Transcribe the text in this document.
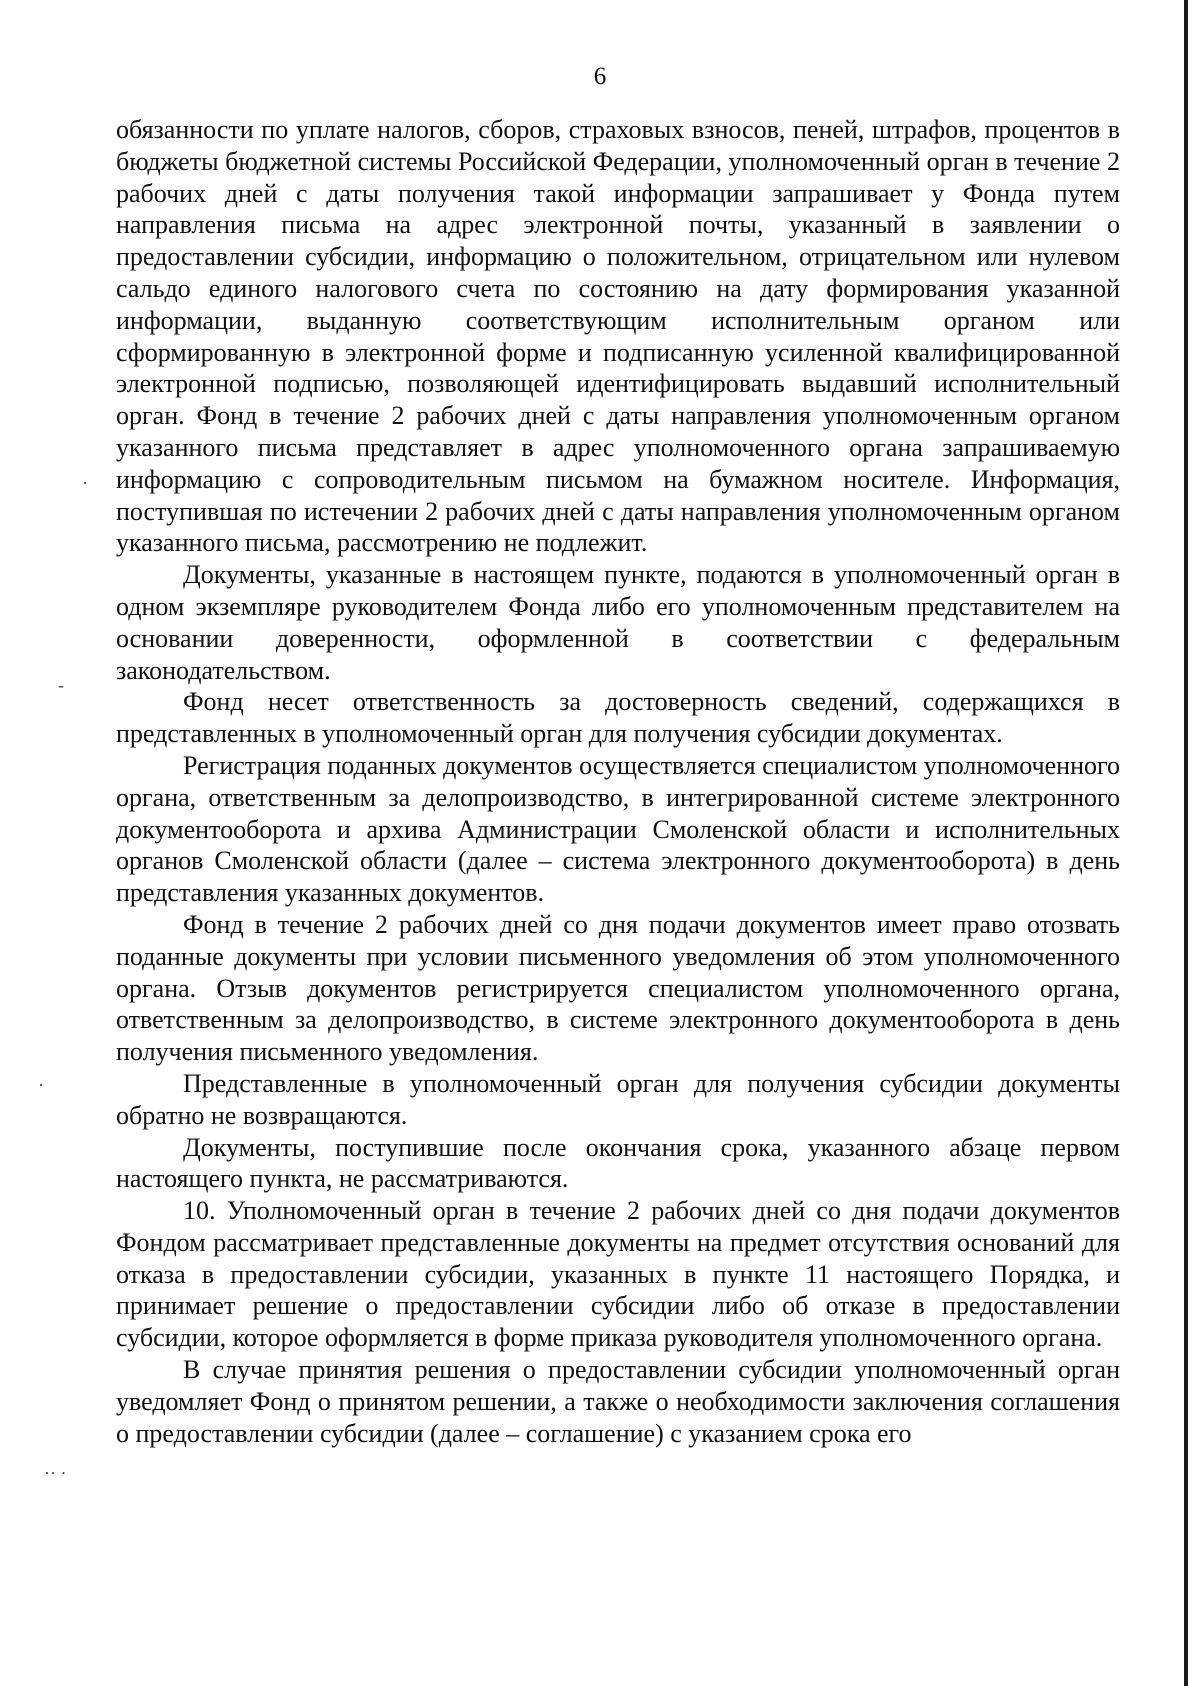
6

обязанности по уплате налогов, сборов, страховых взносов, пеней, штрафов, процентов в бюджеты бюджетной системы Российской Федерации, уполномоченный орган в течение 2 рабочих дней с даты получения такой информации запрашивает у Фонда путем направления письма на адрес электронной почты, указанный в заявлении о предоставлении субсидии, информацию о положительном, отрицательном или нулевом сальдо единого налогового счета по состоянию на дату формирования указанной информации, выданную соответствующим исполнительным органом или сформированную в электронной форме и подписанную усиленной квалифицированной электронной подписью, позволяющей идентифицировать выдавший исполнительный орган. Фонд в течение 2 рабочих дней с даты направления уполномоченным органом указанного письма представляет в адрес уполномоченного органа запрашиваемую информацию с сопроводительным письмом на бумажном носителе. Информация, поступившая по истечении 2 рабочих дней с даты направления уполномоченным органом указанного письма, рассмотрению не подлежит.

Документы, указанные в настоящем пункте, подаются в уполномоченный орган в одном экземпляре руководителем Фонда либо его уполномоченным представителем на основании доверенности, оформленной в соответствии с федеральным законодательством.

Фонд несет ответственность за достоверность сведений, содержащихся в представленных в уполномоченный орган для получения субсидии документах.

Регистрация поданных документов осуществляется специалистом уполномоченного органа, ответственным за делопроизводство, в интегрированной системе электронного документооборота и архива Администрации Смоленской области и исполнительных органов Смоленской области (далее – система электронного документооборота) в день представления указанных документов.

Фонд в течение 2 рабочих дней со дня подачи документов имеет право отозвать поданные документы при условии письменного уведомления об этом уполномоченного органа. Отзыв документов регистрируется специалистом уполномоченного органа, ответственным за делопроизводство, в системе электронного документооборота в день получения письменного уведомления.

Представленные в уполномоченный орган для получения субсидии документы обратно не возвращаются.

Документы, поступившие после окончания срока, указанного абзаце первом настоящего пункта, не рассматриваются.

10. Уполномоченный орган в течение 2 рабочих дней со дня подачи документов Фондом рассматривает представленные документы на предмет отсутствия оснований для отказа в предоставлении субсидии, указанных в пункте 11 настоящего Порядка, и принимает решение о предоставлении субсидии либо об отказе в предоставлении субсидии, которое оформляется в форме приказа руководителя уполномоченного органа.

В случае принятия решения о предоставлении субсидии уполномоченный орган уведомляет Фонд о принятом решении, а также о необходимости заключения соглашения о предоставлении субсидии (далее – соглашение) с указанием срока его

·
-
·
·· ·
